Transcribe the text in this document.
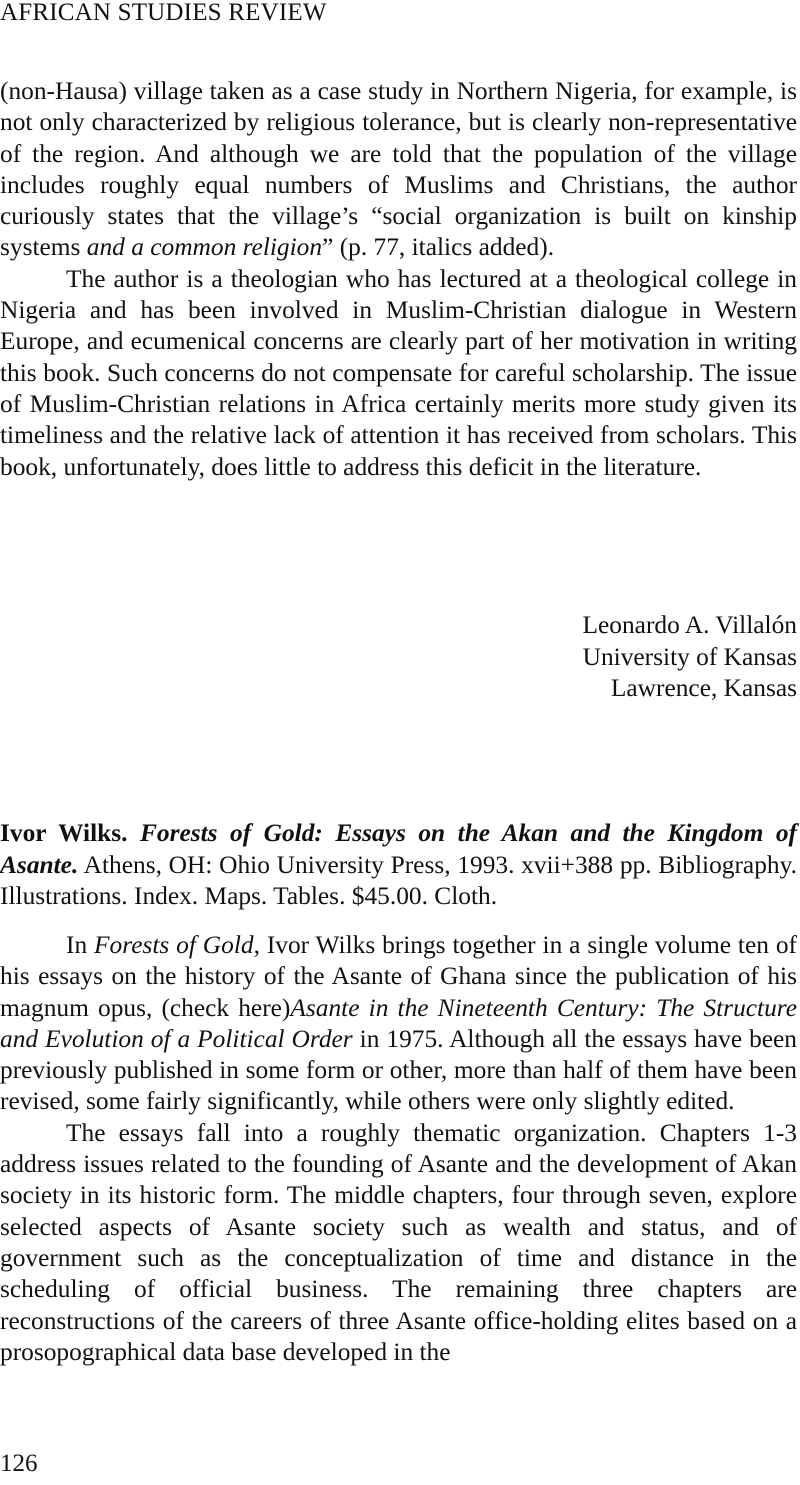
AFRICAN STUDIES REVIEW

(non-Hausa) village taken as a case study in Northern Nigeria, for example, is not only characterized by religious tolerance, but is clearly non-representative of the region. And although we are told that the population of the village includes roughly equal numbers of Muslims and Christians, the author curiously states that the village’s “social organization is built on kinship systems and a common religion” (p. 77, italics added).

The author is a theologian who has lectured at a theological college in Nigeria and has been involved in Muslim-Christian dialogue in Western Europe, and ecumenical concerns are clearly part of her motivation in writing this book. Such concerns do not compensate for careful scholarship. The issue of Muslim-Christian relations in Africa certainly merits more study given its timeliness and the relative lack of attention it has received from scholars. This book, unfortunately, does little to address this deficit in the literature.

Leonardo A. Villalón
University of Kansas
Lawrence, Kansas
Ivor Wilks. Forests of Gold: Essays on the Akan and the Kingdom of Asante. Athens, OH: Ohio University Press, 1993. xvii+388 pp. Bibliography. Illustrations. Index. Maps. Tables. $45.00. Cloth.

In Forests of Gold, Ivor Wilks brings together in a single volume ten of his essays on the history of the Asante of Ghana since the publication of his magnum opus, (check here)Asante in the Nineteenth Century: The Structure and Evolution of a Political Order in 1975. Although all the essays have been previously published in some form or other, more than half of them have been revised, some fairly significantly, while others were only slightly edited.

The essays fall into a roughly thematic organization. Chapters 1-3 address issues related to the founding of Asante and the development of Akan society in its historic form. The middle chapters, four through seven, explore selected aspects of Asante society such as wealth and status, and of government such as the conceptualization of time and distance in the scheduling of official business. The remaining three chapters are reconstructions of the careers of three Asante office-holding elites based on a prosopographical data base developed in the

126
